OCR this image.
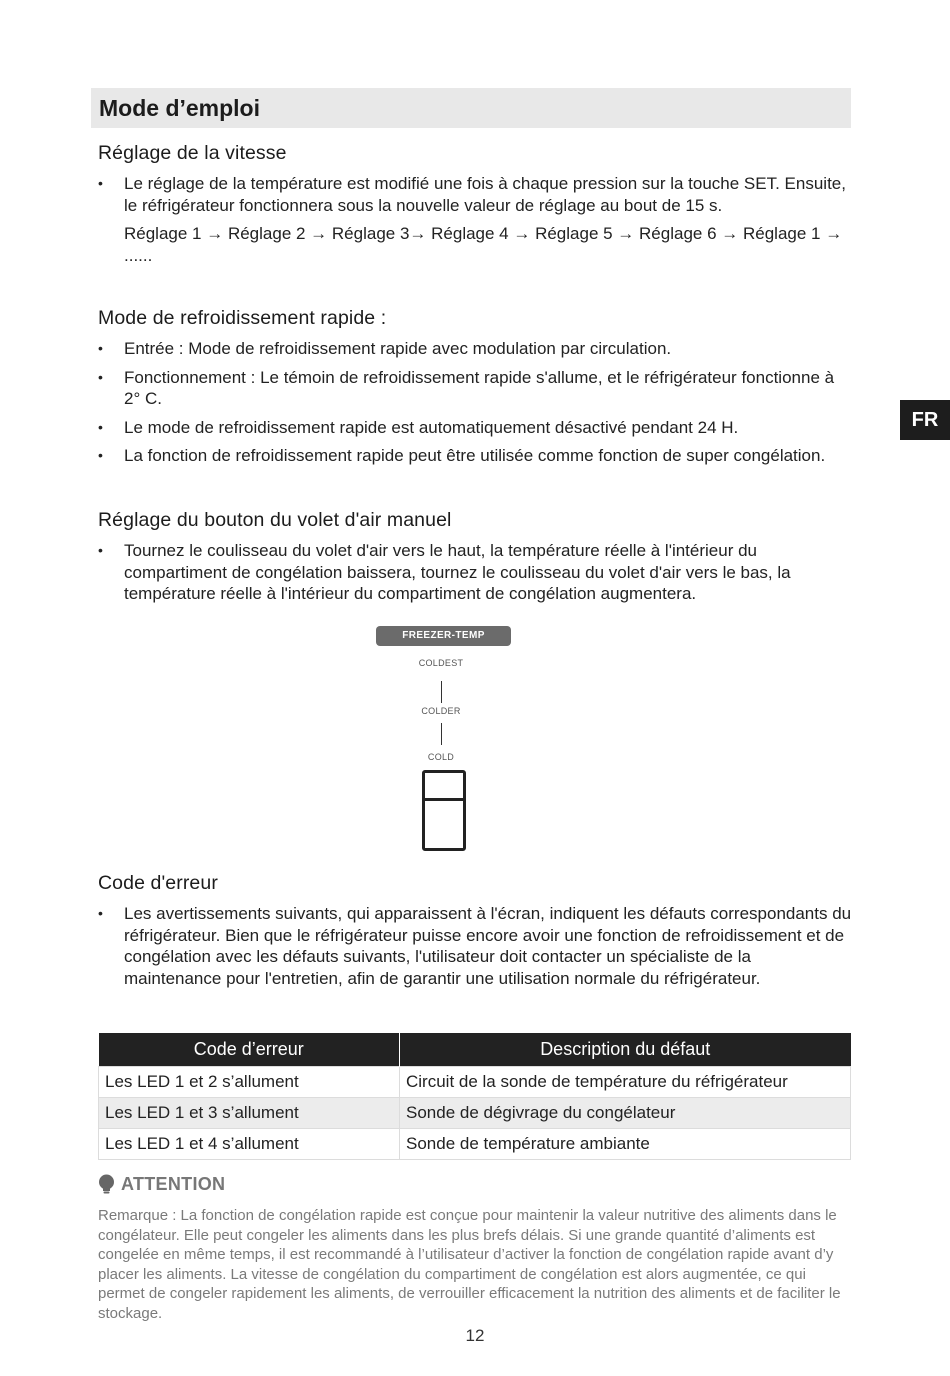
Mode d’emploi
FR
Réglage de la vitesse
• Le réglage de la température est modifié une fois à chaque pression sur la touche SET. Ensuite, le réfrigérateur fonctionnera sous la nouvelle valeur de réglage au bout de 15 s.
Réglage 1 → Réglage 2 → Réglage 3→ Réglage 4 → Réglage 5 → Réglage 6 → Réglage 1 → ......
Mode de refroidissement rapide :
• Entrée : Mode de refroidissement rapide avec modulation par circulation.
• Fonctionnement : Le témoin de refroidissement rapide s'allume, et le réfrigérateur fonctionne à 2° C.
• Le mode de refroidissement rapide est automatiquement désactivé pendant 24 H.
• La fonction de refroidissement rapide peut être utilisée comme fonction de super congélation.
Réglage du bouton du volet d'air manuel
• Tournez le coulisseau du volet d'air vers le haut, la température réelle à l'intérieur du compartiment de congélation baissera, tournez le coulisseau du volet d'air vers le bas, la température réelle à l'intérieur du compartiment de congélation augmentera.
Code d'erreur
• Les avertissements suivants, qui apparaissent à l'écran, indiquent les défauts correspondants du réfrigérateur. Bien que le réfrigérateur puisse encore avoir une fonction de refroidissement et de congélation avec les défauts suivants, l'utilisateur doit contacter un spécialiste de la maintenance pour l'entretien, afin de garantir une utilisation normale du réfrigérateur.
FREEZER-TEMP
COLDEST
COLDER
COLD
Code d’erreur	Description du défaut
Les LED 1 et 2 s’allument	Circuit de la sonde de température du réfrigérateur
Les LED 1 et 3 s’allument	Sonde de dégivrage du congélateur
Les LED 1 et 4 s’allument	Sonde de température ambiante
ATTENTION
Remarque : La fonction de congélation rapide est conçue pour maintenir la valeur nutritive des aliments dans le congélateur. Elle peut congeler les aliments dans les plus brefs délais. Si une grande quantité d’aliments est congelée en même temps, il est recommandé à l’utilisateur d’activer la fonction de congélation rapide avant d’y placer les aliments. La vitesse de congélation du compartiment de congélation est alors augmentée, ce qui permet de congeler rapidement les aliments, de verrouiller efficacement la nutrition des aliments et de faciliter le stockage.
12
